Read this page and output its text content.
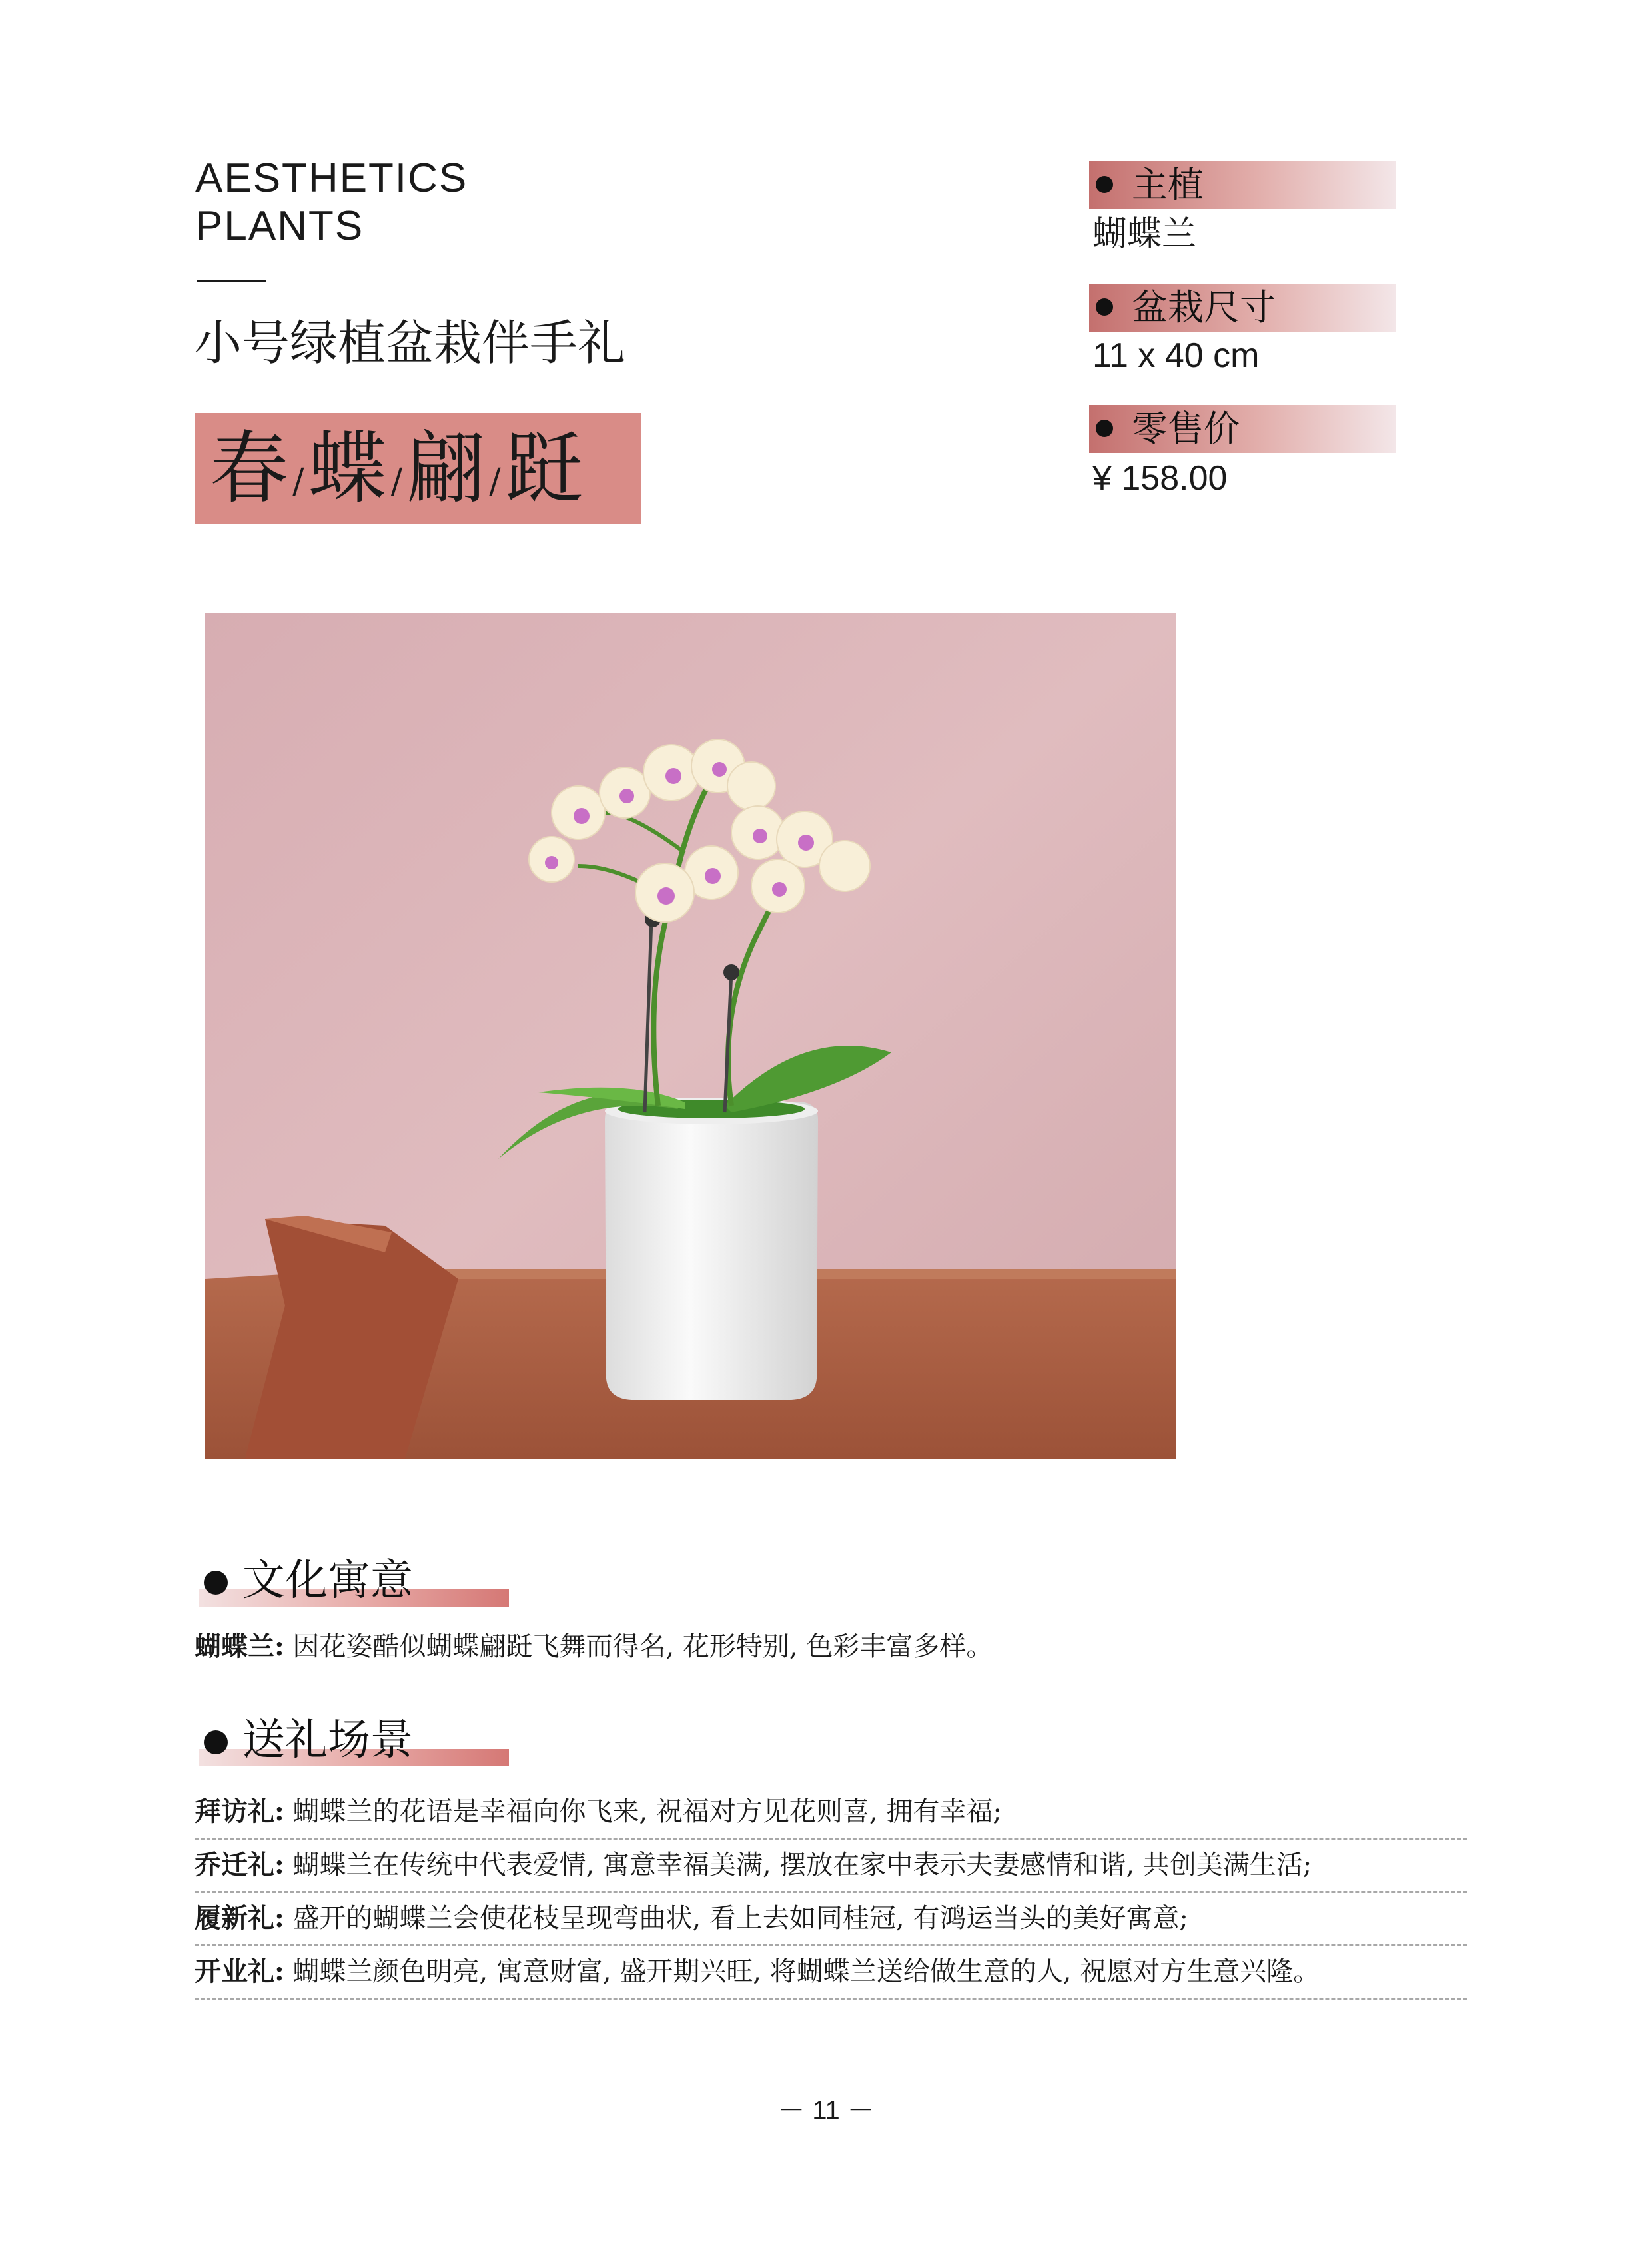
AESTHETICS
PLANTS
小号绿植盆栽伴手礼
春 / 蝶 / 翩 / 跹
主植
蝴蝶兰
盆栽尺寸
11 x 40 cm
零售价
¥ 158.00
文化寓意
蝴蝶兰: 因花姿酷似蝴蝶翩跹飞舞而得名, 花形特别, 色彩丰富多样。
送礼场景
拜访礼: 蝴蝶兰的花语是幸福向你飞来, 祝福对方见花则喜, 拥有幸福;
乔迁礼: 蝴蝶兰在传统中代表爱情, 寓意幸福美满, 摆放在家中表示夫妻感情和谐, 共创美满生活;
履新礼: 盛开的蝴蝶兰会使花枝呈现弯曲状, 看上去如同桂冠, 有鸿运当头的美好寓意;
开业礼: 蝴蝶兰颜色明亮, 寓意财富, 盛开期兴旺, 将蝴蝶兰送给做生意的人, 祝愿对方生意兴隆。
－ 11 －
